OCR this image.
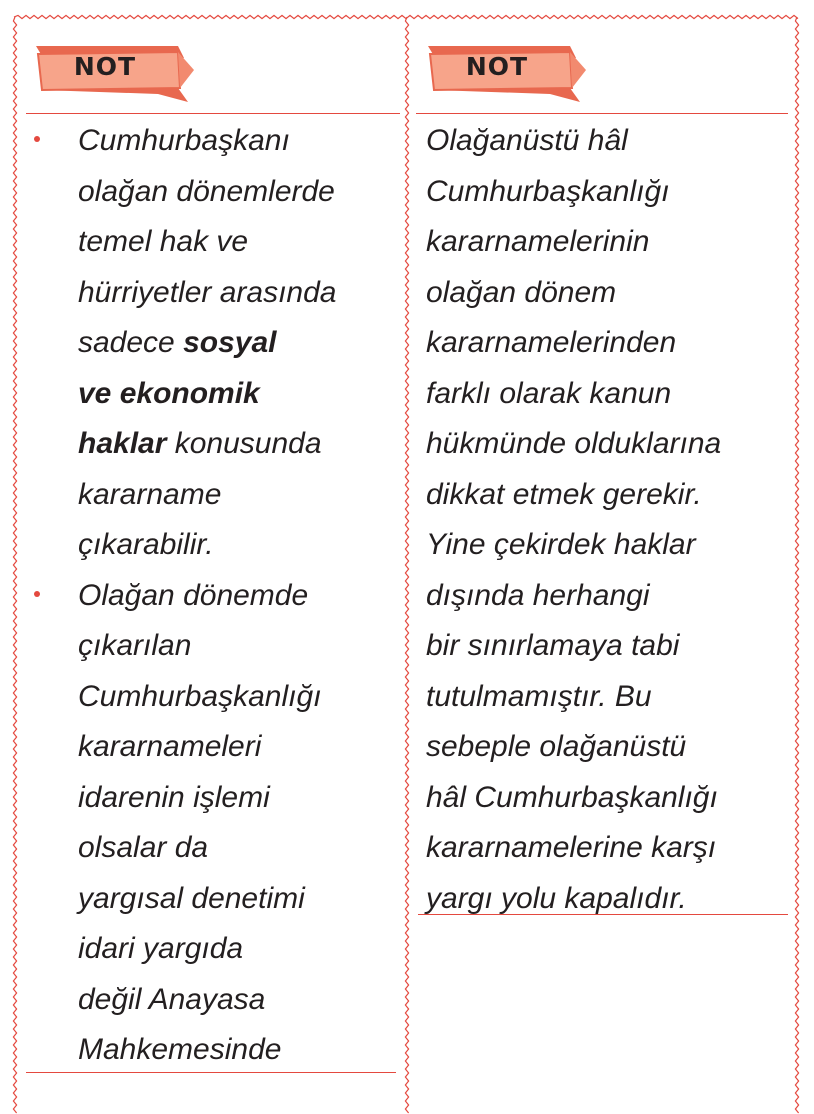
NOT
Cumhurbaşkanı
olağan dönemlerde
temel hak ve
hürriyetler arasında
sadece sosyal
ve ekonomik
haklar konusunda
kararname
çıkarabilir.
Olağan dönemde
çıkarılan
Cumhurbaşkanlığı
kararnameleri
idarenin işlemi
olsalar da
yargısal denetimi
idari yargıda
değil Anayasa
Mahkemesinde
NOT
Olağanüstü hâl
Cumhurbaşkanlığı
kararnamelerinin
olağan dönem
kararnamelerinden
farklı olarak kanun
hükmünde olduklarına
dikkat etmek gerekir.
Yine çekirdek haklar
dışında herhangi
bir sınırlamaya tabi
tutulmamıştır. Bu
sebeple olağanüstü
hâl Cumhurbaşkanlığı
kararnamelerine karşı
yargı yolu kapalıdır.
